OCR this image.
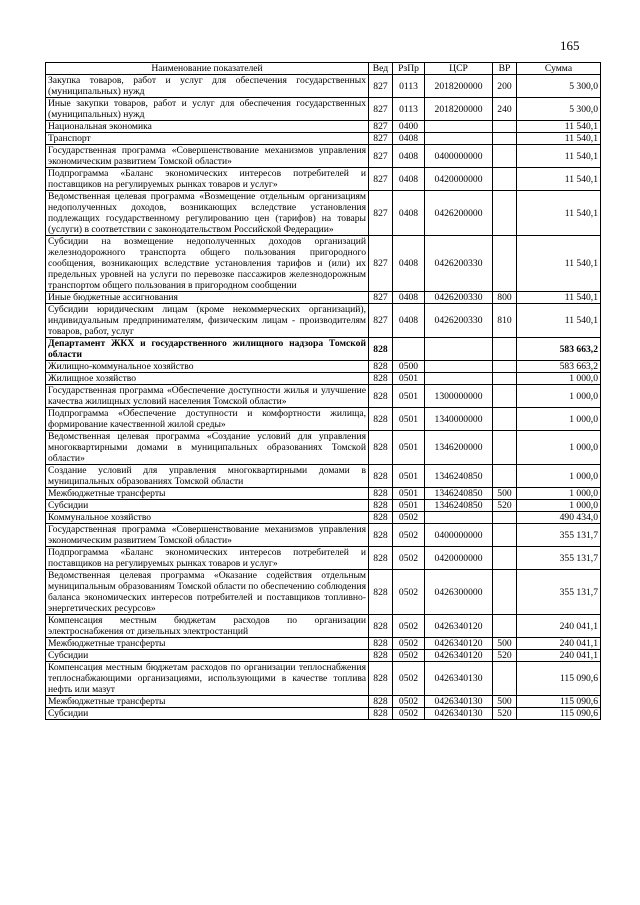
165
Наименование показателей	Вед	РзПр	ЦСР	ВР	Сумма
Закупка товаров, работ и услуг для обеспечения государственных (муниципальных) нужд	827	0113	2018200000	200	5 300,0
Иные закупки товаров, работ и услуг для обеспечения государственных (муниципальных) нужд	827	0113	2018200000	240	5 300,0
Национальная экономика	827	0400			11 540,1
Транспорт	827	0408			11 540,1
Государственная программа «Совершенствование механизмов управления экономическим развитием Томской области»	827	0408	0400000000		11 540,1
Подпрограмма «Баланс экономических интересов потребителей и поставщиков на регулируемых рынках товаров и услуг»	827	0408	0420000000		11 540,1
Ведомственная целевая программа «Возмещение отдельным организациям недополученных доходов, возникающих вследствие установления подлежащих государственному регулированию цен (тарифов) на товары (услуги) в соответствии с законодательством Российской Федерации»	827	0408	0426200000		11 540,1
Субсидии на возмещение недополученных доходов организаций железнодорожного транспорта общего пользования пригородного сообщения, возникающих вследствие установления тарифов и (или) их предельных уровней на услуги по перевозке пассажиров железнодорожным транспортом общего пользования в пригородном сообщении	827	0408	0426200330		11 540,1
Иные бюджетные ассигнования	827	0408	0426200330	800	11 540,1
Субсидии юридическим лицам (кроме некоммерческих организаций), индивидуальным предпринимателям, физическим лицам - производителям товаров, работ, услуг	827	0408	0426200330	810	11 540,1
Департамент ЖКХ и государственного жилищного надзора Томской области	828				583 663,2
Жилищно-коммунальное хозяйство	828	0500			583 663,2
Жилищное хозяйство	828	0501			1 000,0
Государственная программа «Обеспечение доступности жилья и улучшение качества жилищных условий населения Томской области»	828	0501	1300000000		1 000,0
Подпрограмма «Обеспечение доступности и комфортности жилища, формирование качественной жилой среды»	828	0501	1340000000		1 000,0
Ведомственная целевая программа «Создание условий для управления многоквартирными домами в муниципальных образованиях Томской области»	828	0501	1346200000		1 000,0
Создание условий для управления многоквартирными домами в муниципальных образованиях Томской области	828	0501	1346240850		1 000,0
Межбюджетные трансферты	828	0501	1346240850	500	1 000,0
Субсидии	828	0501	1346240850	520	1 000,0
Коммунальное хозяйство	828	0502			490 434,0
Государственная программа «Совершенствование механизмов управления экономическим развитием Томской области»	828	0502	0400000000		355 131,7
Подпрограмма «Баланс экономических интересов потребителей и поставщиков на регулируемых рынках товаров и услуг»	828	0502	0420000000		355 131,7
Ведомственная целевая программа «Оказание содействия отдельным муниципальным образованиям Томской области по обеспечению соблюдения баланса экономических интересов потребителей и поставщиков топливно-энергетических ресурсов»	828	0502	0426300000		355 131,7
Компенсация местным бюджетам расходов по организации электроснабжения от дизельных электростанций	828	0502	0426340120		240 041,1
Межбюджетные трансферты	828	0502	0426340120	500	240 041,1
Субсидии	828	0502	0426340120	520	240 041,1
Компенсация местным бюджетам расходов по организации теплоснабжения теплоснабжающими организациями, использующими в качестве топлива нефть или мазут	828	0502	0426340130		115 090,6
Межбюджетные трансферты	828	0502	0426340130	500	115 090,6
Субсидии	828	0502	0426340130	520	115 090,6
